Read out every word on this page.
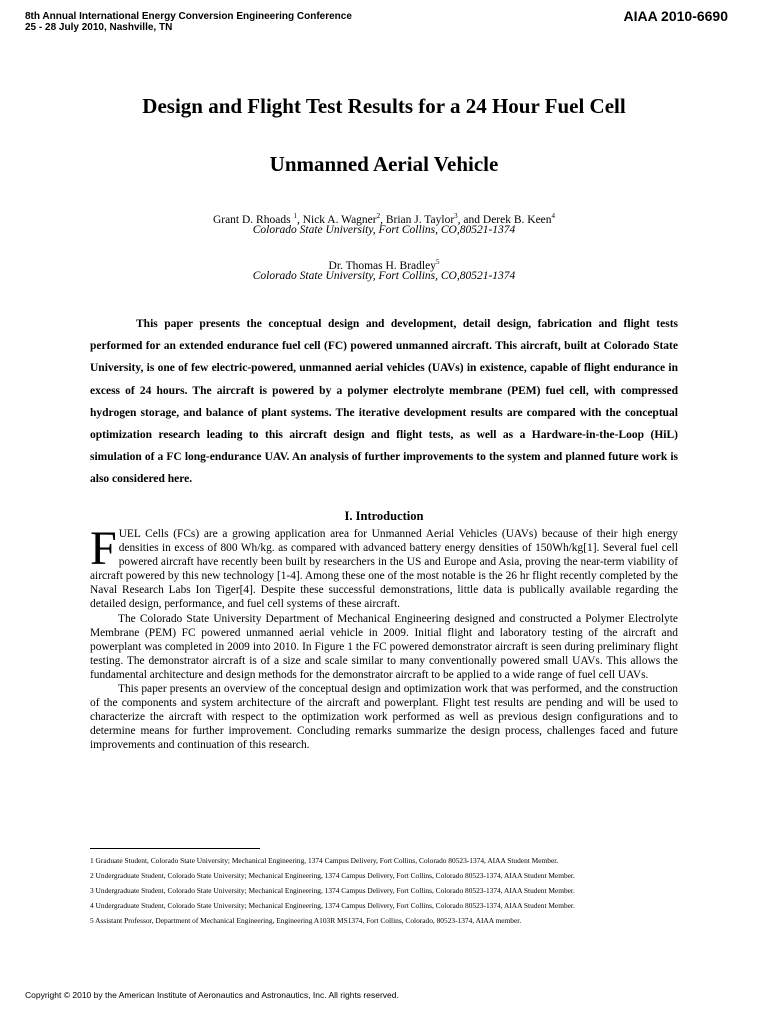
8th Annual International Energy Conversion Engineering Conference
25 - 28 July 2010, Nashville, TN
AIAA 2010-6690
Design and Flight Test Results for a 24 Hour Fuel Cell
Unmanned Aerial Vehicle
Grant D. Rhoads $^1$, Nick A. Wagner$^2$, Brian J. Taylor$^3$, and Derek B. Keen$^4$
Colorado State University, Fort Collins, CO,80521-1374
Dr. Thomas H. Bradley$^5$
Colorado State University, Fort Collins, CO,80521-1374

This paper presents the conceptual design and development, detail design, fabrication and flight tests performed for an extended endurance fuel cell (FC) powered unmanned aircraft. This aircraft, built at Colorado State University, is one of few electric-powered, unmanned aerial vehicles (UAVs) in existence, capable of flight endurance in excess of 24 hours. The aircraft is powered by a polymer electrolyte membrane (PEM) fuel cell, with compressed hydrogen storage, and balance of plant systems. The iterative development results are compared with the conceptual optimization research leading to this aircraft design and flight tests, as well as a Hardware-in-the-Loop (HiL) simulation of a FC long-endurance UAV. An analysis of further improvements to the system and planned future work is also considered here.

I. Introduction

FUEL Cells (FCs) are a growing application area for Unmanned Aerial Vehicles (UAVs) because of their high energy densities in excess of 800 Wh/kg. as compared with advanced battery energy densities of 150Wh/kg[1]. Several fuel cell powered aircraft have recently been built by researchers in the US and Europe and Asia, proving the near-term viability of aircraft powered by this new technology [1-4]. Among these one of the most notable is the 26 hr flight recently completed by the Naval Research Labs Ion Tiger[4]. Despite these successful demonstrations, little data is publically available regarding the detailed design, performance, and fuel cell systems of these aircraft.

The Colorado State University Department of Mechanical Engineering designed and constructed a Polymer Electrolyte Membrane (PEM) FC powered unmanned aerial vehicle in 2009. Initial flight and laboratory testing of the aircraft and powerplant was completed in 2009 into 2010. In Figure 1 the FC powered demonstrator aircraft is seen during preliminary flight testing. The demonstrator aircraft is of a size and scale similar to many conventionally powered small UAVs. This allows the fundamental architecture and design methods for the demonstrator aircraft to be applied to a wide range of fuel cell UAVs.

This paper presents an overview of the conceptual design and optimization work that was performed, and the construction of the components and system architecture of the aircraft and powerplant. Flight test results are pending and will be used to characterize the aircraft with respect to the optimization work performed as well as previous design configurations and to determine means for further improvement. Concluding remarks summarize the design process, challenges faced and future improvements and continuation of this research.

1 Graduate Student, Colorado State University; Mechanical Engineering, 1374 Campus Delivery, Fort Collins, Colorado 80523-1374, AIAA Student Member.
2 Undergraduate Student, Colorado State University; Mechanical Engineering, 1374 Campus Delivery, Fort Collins, Colorado 80523-1374, AIAA Student Member.
3 Undergraduate Student, Colorado State University; Mechanical Engineering, 1374 Campus Delivery, Fort Collins, Colorado 80523-1374, AIAA Student Member.
4 Undergraduate Student, Colorado State University; Mechanical Engineering, 1374 Campus Delivery, Fort Collins, Colorado 80523-1374, AIAA Student Member.
5 Assistant Professor, Department of Mechanical Engineering, Engineering A103R MS1374, Fort Collins, Colorado, 80523-1374, AIAA member.
Copyright © 2010 by the American Institute of Aeronautics and Astronautics, Inc. All rights reserved.
